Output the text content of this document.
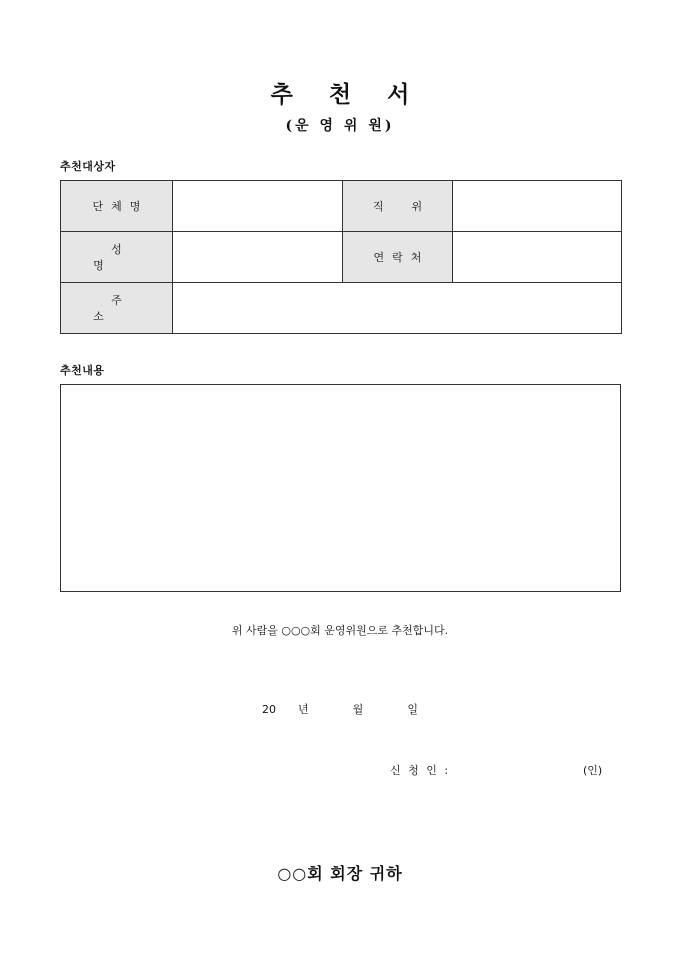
추 천 서
(운 영 위 원)
추천대상자
단체명		직위	
성명		연락처	
주소			
추천내용
위 사람을 ○○○회 운영위원으로 추천합니다.
20 년	월	일
신 청 인 :	(인)
○○회 회장 귀하
